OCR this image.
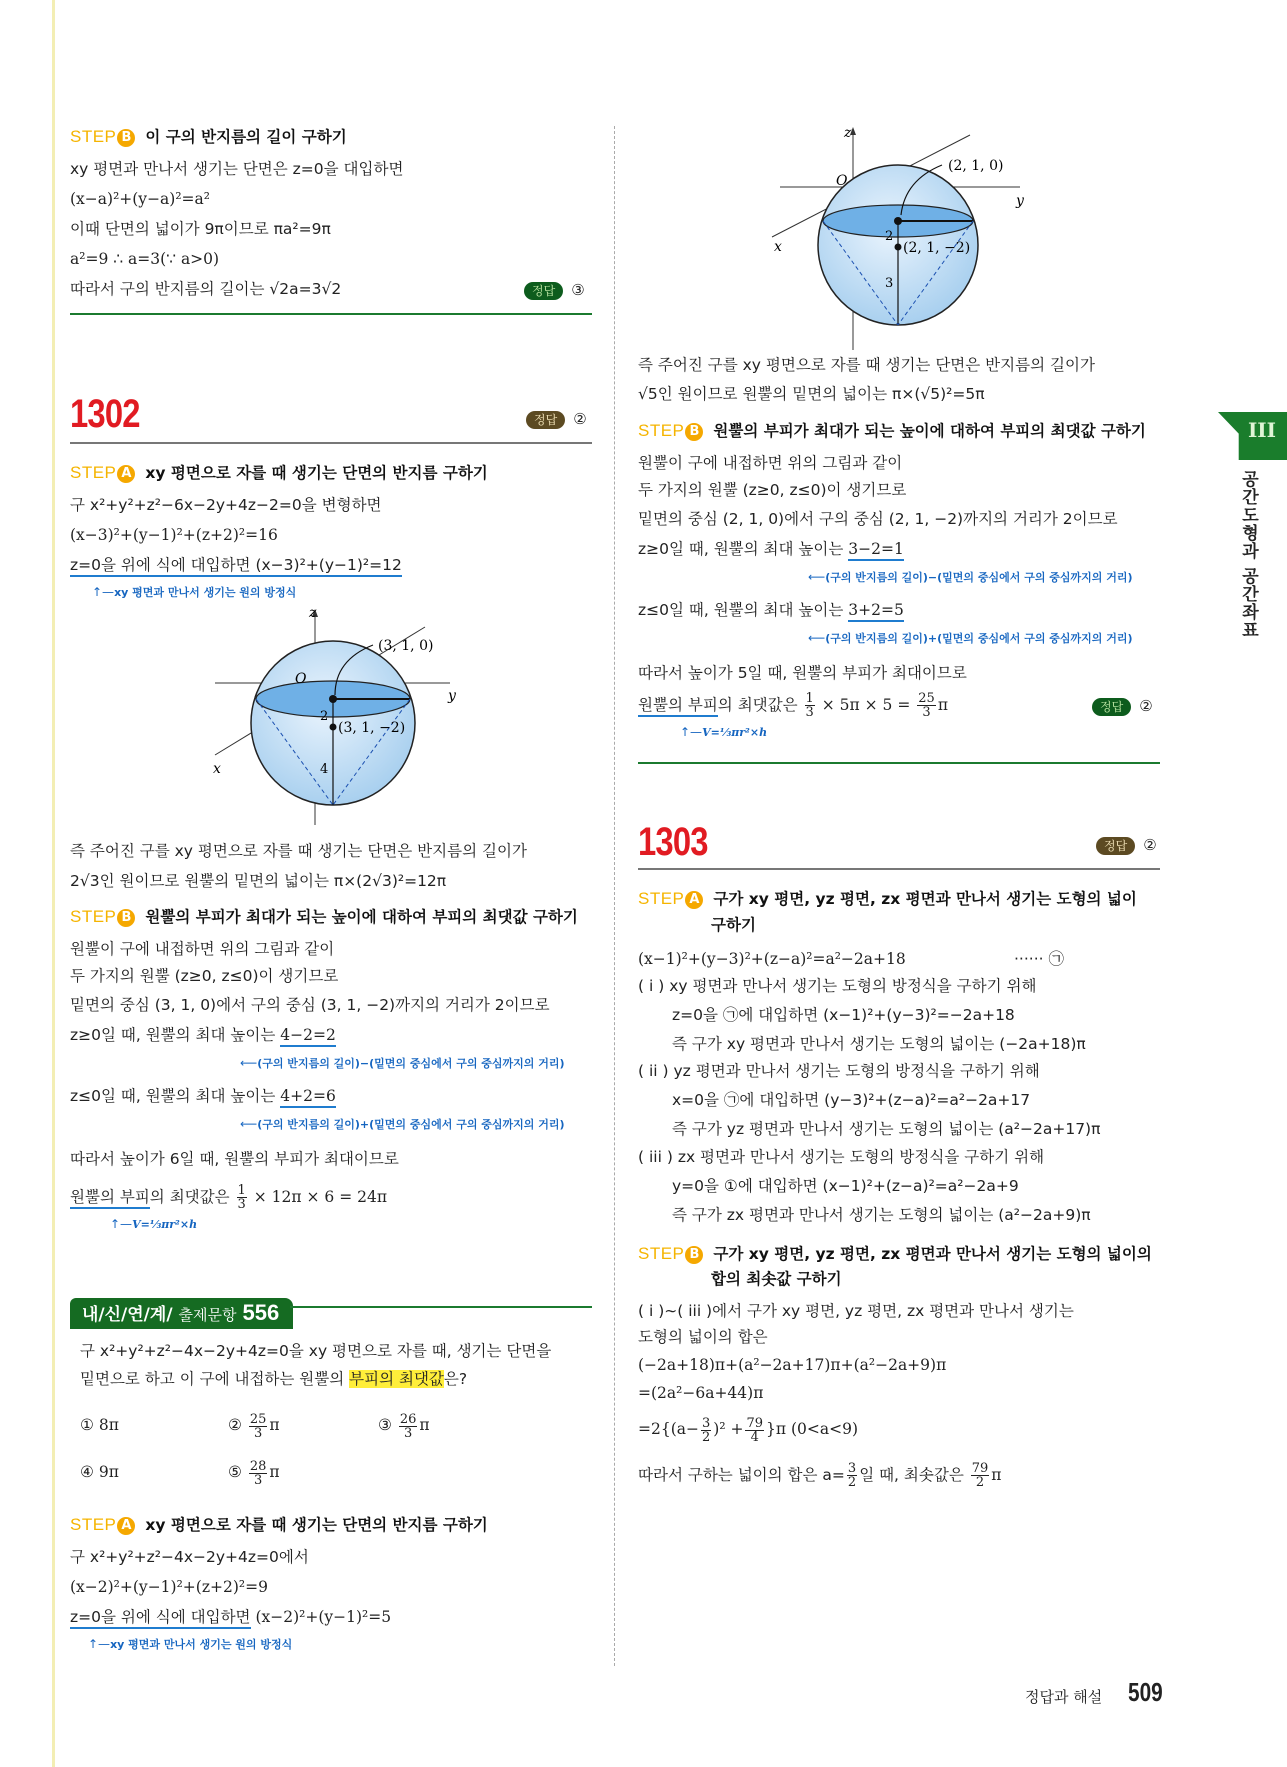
STEP B 이 구의 반지름의 길이 구하기
xy 평면과 만나서 생기는 단면은 z=0을 대입하면
(x−a)²+(y−a)²=a²
이때 단면의 넓이가 9π이므로 πa²=9π
a²=9 ∴ a=3(∵ a>0)
따라서 구의 반지름의 길이는 √2a=3√2	정답 ③
1302	정답 ②
STEP A xy 평면으로 자를 때 생기는 단면의 반지름 구하기
구 x²+y²+z²−6x−2y+4z−2=0을 변형하면
(x−3)²+(y−1)²+(z+2)²=16
z=0을 위에 식에 대입하면 (x−3)²+(y−1)²=12
↑—xy 평면과 만나서 생기는 원의 방정식
z
y
x
O
(3, 1, 0)
(3, 1, −2)
2
4
즉 주어진 구를 xy 평면으로 자를 때 생기는 단면은 반지름의 길이가
2√3인 원이므로 원뿔의 밑면의 넓이는 π×(2√3)²=12π
STEP B 원뿔의 부피가 최대가 되는 높이에 대하여 부피의 최댓값 구하기
원뿔이 구에 내접하면 위의 그림과 같이
두 가지의 원뿔 (z≥0, z≤0)이 생기므로
밑면의 중심 (3, 1, 0)에서 구의 중심 (3, 1, −2)까지의 거리가 2이므로
z≥0일 때, 원뿔의 최대 높이는 4−2=2
⟵(구의 반지름의 길이)−(밑면의 중심에서 구의 중심까지의 거리)
z≤0일 때, 원뿔의 최대 높이는 4+2=6
⟵(구의 반지름의 길이)+(밑면의 중심에서 구의 중심까지의 거리)
따라서 높이가 6일 때, 원뿔의 부피가 최대이므로
원뿔의 부피의 최댓값은 $\frac{1}{3} \times 12\pi \times 6 = 24\pi$
↑—V=⅓πr²×h
내/신/연/계/ 출제문항 556
구 x²+y²+z²−4x−2y+4z=0을 xy 평면으로 자를 때, 생기는 단면을
밑면으로 하고 이 구에 내접하는 원뿔의 부피의 최댓값은?
① 8π	② $\frac{25}{3}$ π	③ $\frac{26}{3}$ π
④ 9π	⑤ $\frac{28}{3}$ π
STEP A xy 평면으로 자를 때 생기는 단면의 반지름 구하기
구 x²+y²+z²−4x−2y+4z=0에서
(x−2)²+(y−1)²+(z+2)²=9
z=0을 위에 식에 대입하면 (x−2)²+(y−1)²=5
↑—xy 평면과 만나서 생기는 원의 방정식
z
y
x
O
(2, 1, 0)
(2, 1, −2)
2
3
즉 주어진 구를 xy 평면으로 자를 때 생기는 단면은 반지름의 길이가
√5인 원이므로 원뿔의 밑면의 넓이는 π×(√5)²=5π
STEP B 원뿔의 부피가 최대가 되는 높이에 대하여 부피의 최댓값 구하기
원뿔이 구에 내접하면 위의 그림과 같이
두 가지의 원뿔 (z≥0, z≤0)이 생기므로
밑면의 중심 (2, 1, 0)에서 구의 중심 (2, 1, −2)까지의 거리가 2이므로
z≥0일 때, 원뿔의 최대 높이는 3−2=1
⟵(구의 반지름의 길이)−(밑면의 중심에서 구의 중심까지의 거리)
z≤0일 때, 원뿔의 최대 높이는 3+2=5
⟵(구의 반지름의 길이)+(밑면의 중심에서 구의 중심까지의 거리)
따라서 높이가 5일 때, 원뿔의 부피가 최대이므로
원뿔의 부피의 최댓값은 $\frac{1}{3} \times 5\pi \times 5 = \frac{25}{3}$ π	정답 ②
↑—V=⅓πr²×h
1303	정답 ②
STEP A 구가 xy 평면, yz 평면, zx 평면과 만나서 생기는 도형의 넓이
구하기
(x−1)²+(y−3)²+(z−a)²=a²−2a+18	······ ㉠
( i ) xy 평면과 만나서 생기는 도형의 방정식을 구하기 위해
z=0을 ㉠에 대입하면 (x−1)²+(y−3)²=−2a+18
즉 구가 xy 평면과 만나서 생기는 도형의 넓이는 (−2a+18)π
( ii ) yz 평면과 만나서 생기는 도형의 방정식을 구하기 위해
x=0을 ㉠에 대입하면 (y−3)²+(z−a)²=a²−2a+17
즉 구가 yz 평면과 만나서 생기는 도형의 넓이는 (a²−2a+17)π
( iii ) zx 평면과 만나서 생기는 도형의 방정식을 구하기 위해
y=0을 ①에 대입하면 (x−1)²+(z−a)²=a²−2a+9
즉 구가 zx 평면과 만나서 생기는 도형의 넓이는 (a²−2a+9)π
STEP B 구가 xy 평면, yz 평면, zx 평면과 만나서 생기는 도형의 넓이의
합의 최솟값 구하기
( i )∼( iii )에서 구가 xy 평면, yz 평면, zx 평면과 만나서 생기는
도형의 넓이의 합은
(−2a+18)π+(a²−2a+17)π+(a²−2a+9)π
=(2a²−6a+44)π
$=2\{(a- \frac{3}{2} )^2 + \frac{79}{4} \}\pi$ (0<a<9)
따라서 구하는 넓이의 합은 $a= \frac{3}{2}$ 일 때, 최솟값은 $\frac{79}{2}$ π
III
공간도형과 공간좌표
정답과 해설 509
